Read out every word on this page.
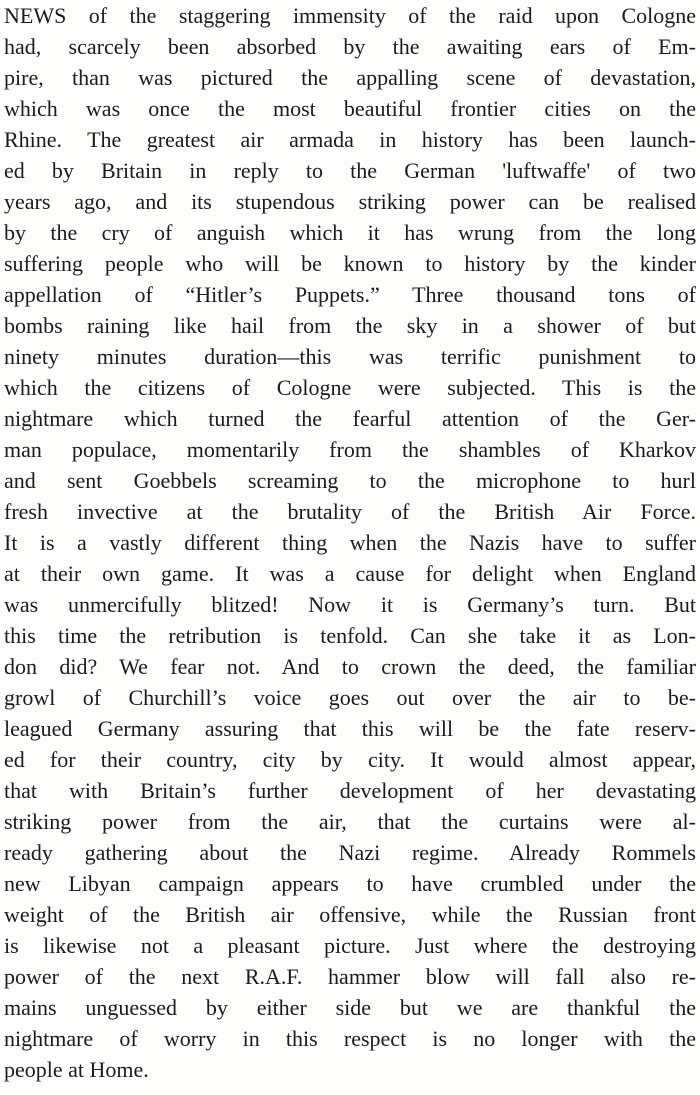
NEWS of the staggering immensity of the raid upon Cologne
had, scarcely been absorbed by the awaiting ears of Em-
pire, than was pictured the appalling scene of devastation,
which was once the most beautiful frontier cities on the
Rhine. The greatest air armada in history has been launch-
ed by Britain in reply to the German 'luftwaffe' of two
years ago, and its stupendous striking power can be realised
by the cry of anguish which it has wrung from the long
suffering people who will be known to history by the kinder
appellation of “Hitler’s Puppets.” Three thousand tons of
bombs raining like hail from the sky in a shower of but
ninety minutes duration—this was terrific punishment to
which the citizens of Cologne were subjected. This is the
nightmare which turned the fearful attention of the Ger-
man populace, momentarily from the shambles of Kharkov
and sent Goebbels screaming to the microphone to hurl
fresh invective at the brutality of the British Air Force.
It is a vastly different thing when the Nazis have to suffer
at their own game. It was a cause for delight when England
was unmercifully blitzed! Now it is Germany’s turn. But
this time the retribution is tenfold. Can she take it as Lon-
don did? We fear not. And to crown the deed, the familiar
growl of Churchill’s voice goes out over the air to be-
leagued Germany assuring that this will be the fate reserv-
ed for their country, city by city. It would almost appear,
that with Britain’s further development of her devastating
striking power from the air, that the curtains were al-
ready gathering about the Nazi regime. Already Rommels
new Libyan campaign appears to have crumbled under the
weight of the British air offensive, while the Russian front
is likewise not a pleasant picture. Just where the destroying
power of the next R.A.F. hammer blow will fall also re-
mains unguessed by either side but we are thankful the
nightmare of worry in this respect is no longer with the
people at Home.
